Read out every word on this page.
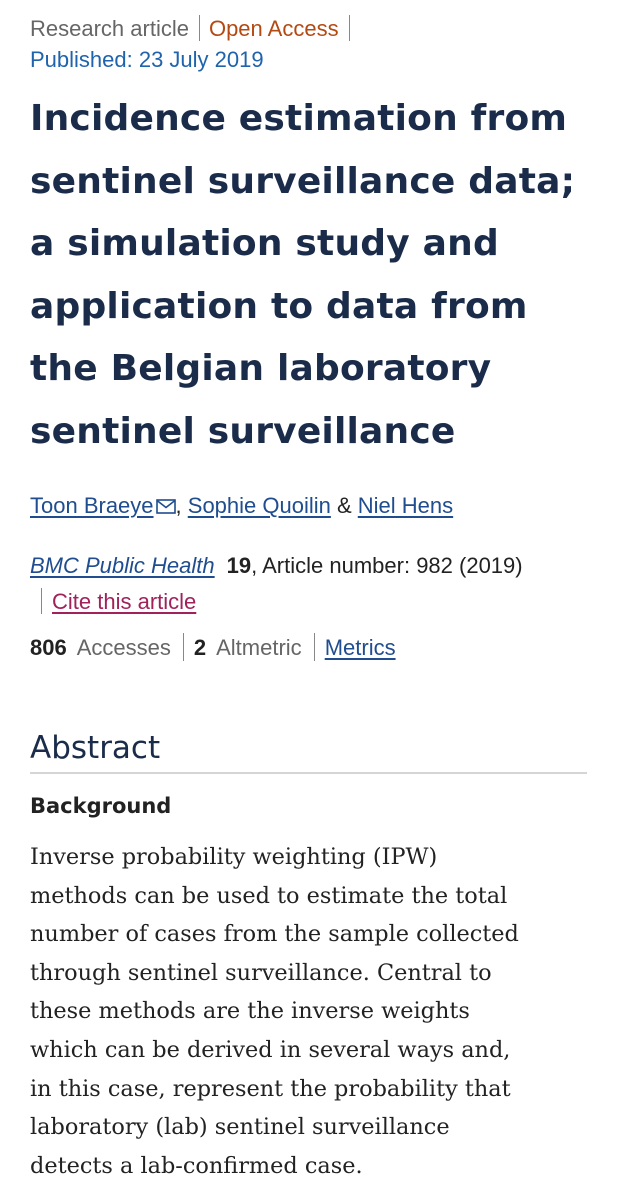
Research article Open Access
Published: 23 July 2019
Incidence estimation from
sentinel surveillance data;
a simulation study and
application to data from
the Belgian laboratory
sentinel surveillance
Toon Braeye , Sophie Quoilin & Niel Hens
BMC Public Health 19, Article number: 982 (2019)
Cite this article
806 Accesses 2 Altmetric Metrics
Abstract
Background

Inverse probability weighting (IPW)
methods can be used to estimate the total
number of cases from the sample collected
through sentinel surveillance. Central to
these methods are the inverse weights
which can be derived in several ways and,
in this case, represent the probability that
laboratory (lab) sentinel surveillance
detects a lab-confirmed case.
